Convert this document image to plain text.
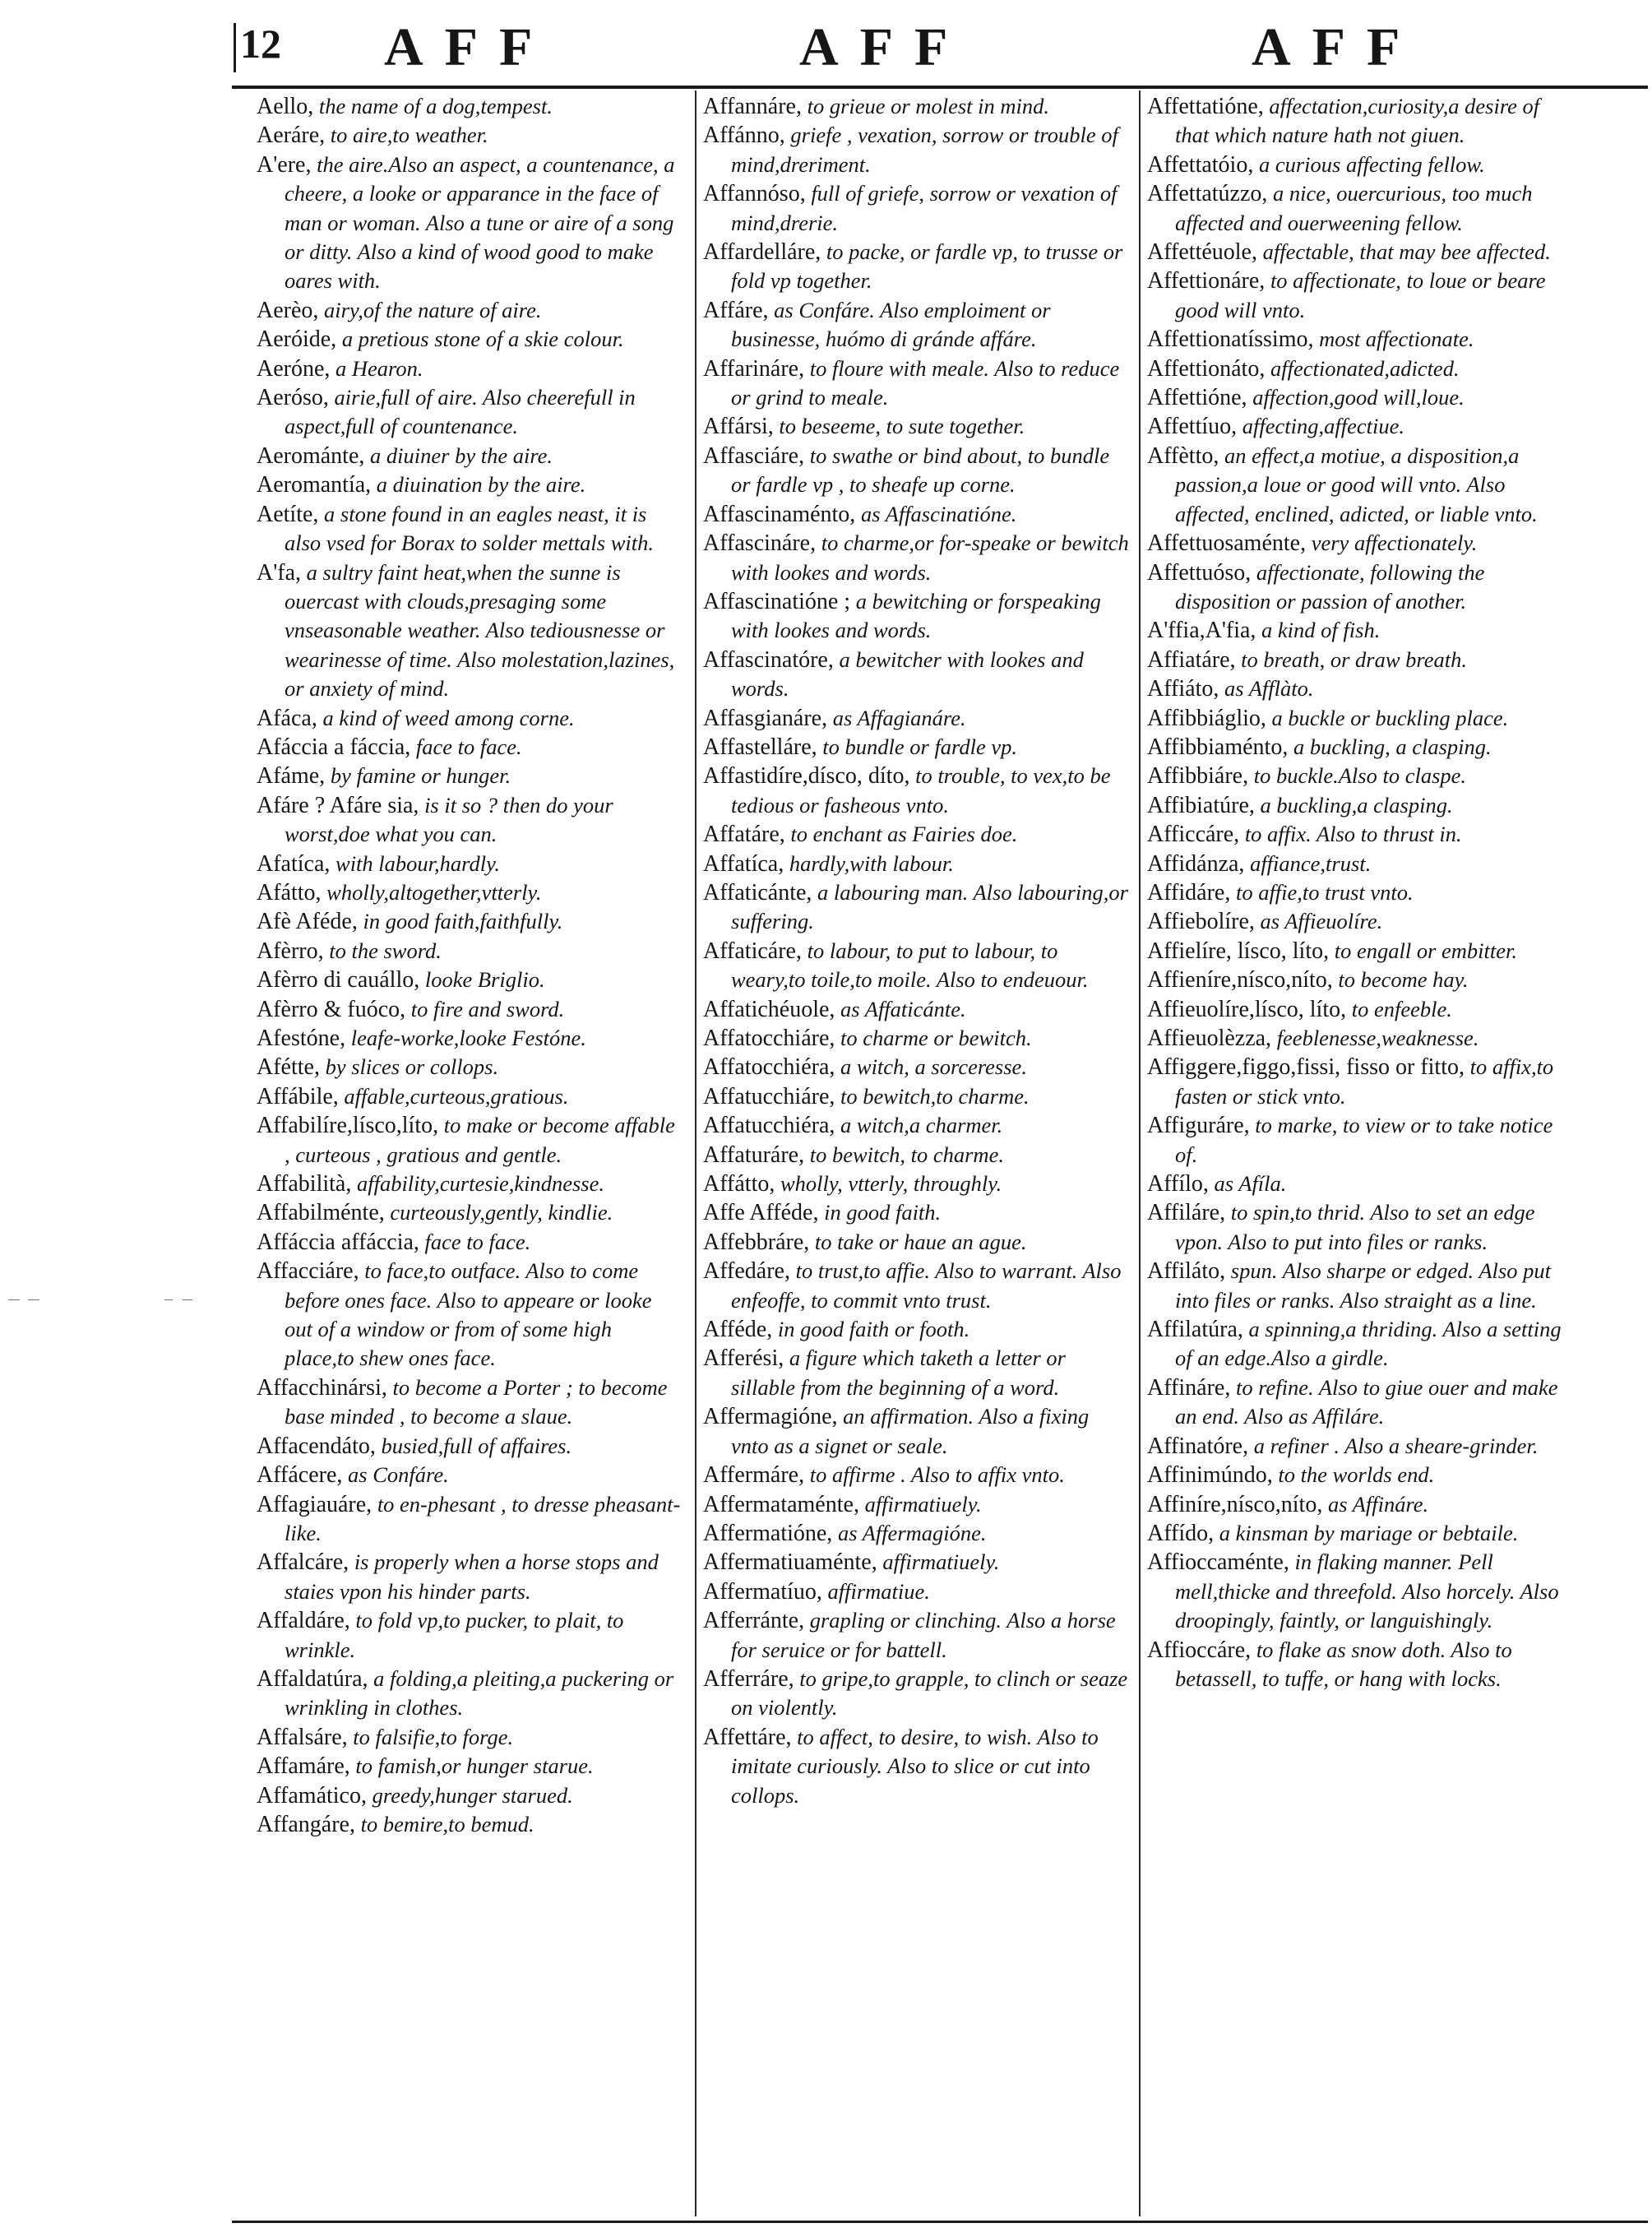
12 AFF	AFF	AFF
Aello, the name of a dog,tempest.
Aeráre, to aire,to weather.
A'ere, the aire.Also an aspect, a countenance, a cheere, a looke or apparance in the face of man or woman. Also a tune or aire of a song or ditty. Also a kind of wood good to make oares with.
Aerèo, airy,of the nature of aire.
Aeróide, a pretious stone of a skie colour.
Aeróne, a Hearon.
Aeróso, airie,full of aire. Also cheerefull in aspect,full of countenance.
Aerománte, a diuiner by the aire.
Aeromantía, a diuination by the aire.
Aetíte, a stone found in an eagles neast, it is also vsed for Borax to solder mettals with.
A'fa, a sultry faint heat,when the sunne is ouercast with clouds,presaging some vnseasonable weather. Also tediousnesse or wearinesse of time. Also molestation,lazines, or anxiety of mind.
Afáca, a kind of weed among corne.
Afáccia a fáccia, face to face.
Afáme, by famine or hunger.
Afáre ? Afáre sia, is it so ? then do your worst,doe what you can.
Afatíca, with labour,hardly.
Afátto, wholly,altogether,vtterly.
Afè Aféde, in good faith,faithfully.
Afèrro, to the sword.
Afèrro di cauállo, looke Briglio.
Afèrro & fuóco, to fire and sword.
Afestóne, leafe-worke,looke Festóne.
Afétte, by slices or collops.
Affábile, affable,curteous,gratious.
Affabilíre,lísco,líto, to make or become affable , curteous , gratious and gentle.
Affabilità, affability,curtesie,kindnesse.
Affabilménte, curteously,gently, kindlie.
Affáccia affáccia, face to face.
Affacciáre, to face,to outface. Also to come before ones face. Also to appeare or looke out of a window or from of some high place,to shew ones face.
Affacchinársi, to become a Porter ; to become base minded , to become a slaue.
Affacendáto, busied,full of affaires.
Affácere, as Confáre.
Affagiauáre, to en-phesant , to dresse pheasant-like.
Affalcáre, is properly when a horse stops and staies vpon his hinder parts.
Affaldáre, to fold vp,to pucker, to plait, to wrinkle.
Affaldatúra, a folding,a pleiting,a puckering or wrinkling in clothes.
Affalsáre, to falsifie,to forge.
Affamáre, to famish,or hunger starue.
Affamático, greedy,hunger starued.
Affangáre, to bemire,to bemud.
Affannáre, to grieue or molest in mind.
Affánno, griefe , vexation, sorrow or trouble of mind,dreriment.
Affannóso, full of griefe, sorrow or vexation of mind,drerie.
Affardelláre, to packe, or fardle vp, to trusse or fold vp together.
Affáre, as Confáre. Also emploiment or businesse, huómo di gránde affáre.
Affarináre, to floure with meale. Also to reduce or grind to meale.
Affársi, to beseeme, to sute together.
Affasciáre, to swathe or bind about, to bundle or fardle vp , to sheafe up corne.
Affascinaménto, as Affascinatióne.
Affascináre, to charme,or for-speake or bewitch with lookes and words.
Affascinatióne ; a bewitching or forspeaking with lookes and words.
Affascinatóre, a bewitcher with lookes and words.
Affasgianáre, as Affagianáre.
Affastelláre, to bundle or fardle vp.
Affastidíre,dísco, díto, to trouble, to vex,to be tedious or fasheous vnto.
Affatáre, to enchant as Fairies doe.
Affatíca, hardly,with labour.
Affaticánte, a labouring man. Also labouring,or suffering.
Affaticáre, to labour, to put to labour, to weary,to toile,to moile. Also to endeuour.
Affatichéuole, as Affaticánte.
Affatocchiáre, to charme or bewitch.
Affatocchiéra, a witch, a sorceresse.
Affatucchiáre, to bewitch,to charme.
Affatucchiéra, a witch,a charmer.
Affaturáre, to bewitch, to charme.
Affátto, wholly, vtterly, throughly.
Affe Afféde, in good faith.
Affebbráre, to take or haue an ague.
Affedáre, to trust,to affie. Also to warrant. Also enfeoffe, to commit vnto trust.
Afféde, in good faith or footh.
Afferési, a figure which taketh a letter or sillable from the beginning of a word.
Affermagióne, an affirmation. Also a fixing vnto as a signet or seale.
Affermáre, to affirme . Also to affix vnto.
Affermataménte, affirmatiuely.
Affermatióne, as Affermagióne.
Affermatiuaménte, affirmatiuely.
Affermatíuo, affirmatiue.
Afferránte, grapling or clinching. Also a horse for seruice or for battell.
Afferráre, to gripe,to grapple, to clinch or seaze on violently.
Affettáre, to affect, to desire, to wish. Also to imitate curiously. Also to slice or cut into collops.
Affettatióne, affectation,curiosity,a desire of that which nature hath not giuen.
Affettatóio, a curious affecting fellow.
Affettatúzzo, a nice, ouercurious, too much affected and ouerweening fellow.
Affettéuole, affectable, that may bee affected.
Affettionáre, to affectionate, to loue or beare good will vnto.
Affettionatíssimo, most affectionate.
Affettionáto, affectionated,adicted.
Affettióne, affection,good will,loue.
Affettíuo, affecting,affectiue.
Affètto, an effect,a motiue, a disposition,a passion,a loue or good will vnto. Also affected, enclined, adicted, or liable vnto.
Affettuosaménte, very affectionately.
Affettuóso, affectionate, following the disposition or passion of another.
A'ffia,A'fia, a kind of fish.
Affiatáre, to breath, or draw breath.
Affiáto, as Afflàto.
Affibbiáglio, a buckle or buckling place.
Affibbiaménto, a buckling, a clasping.
Affibbiáre, to buckle.Also to claspe.
Affibiatúre, a buckling,a clasping.
Afficcáre, to affix. Also to thrust in.
Affidánza, affiance,trust.
Affidáre, to affie,to trust vnto.
Affiebolíre, as Affieuolíre.
Affielíre, lísco, líto, to engall or embitter.
Affieníre,nísco,níto, to become hay.
Affieuolíre,lísco, líto, to enfeeble.
Affieuolèzza, feeblenesse,weaknesse.
Affiggere,figgo,fissi, fisso or fitto, to affix,to fasten or stick vnto.
Affiguráre, to marke, to view or to take notice of.
Affílo, as Afíla.
Affiláre, to spin,to thrid. Also to set an edge vpon. Also to put into files or ranks.
Affiláto, spun. Also sharpe or edged. Also put into files or ranks. Also straight as a line.
Affilatúra, a spinning,a thriding. Also a setting of an edge.Also a girdle.
Affináre, to refine. Also to giue ouer and make an end. Also as Affiláre.
Affinatóre, a refiner . Also a sheare-grinder.
Affinimúndo, to the worlds end.
Affiníre,nísco,níto, as Affináre.
Affído, a kinsman by mariage or bebtaile.
Affioccaménte, in flaking manner. Pell mell,thicke and threefold. Also horcely. Also droopingly, faintly, or languishingly.
Affioccáre, to flake as snow doth. Also to betassell, to tuffe, or hang with locks.
